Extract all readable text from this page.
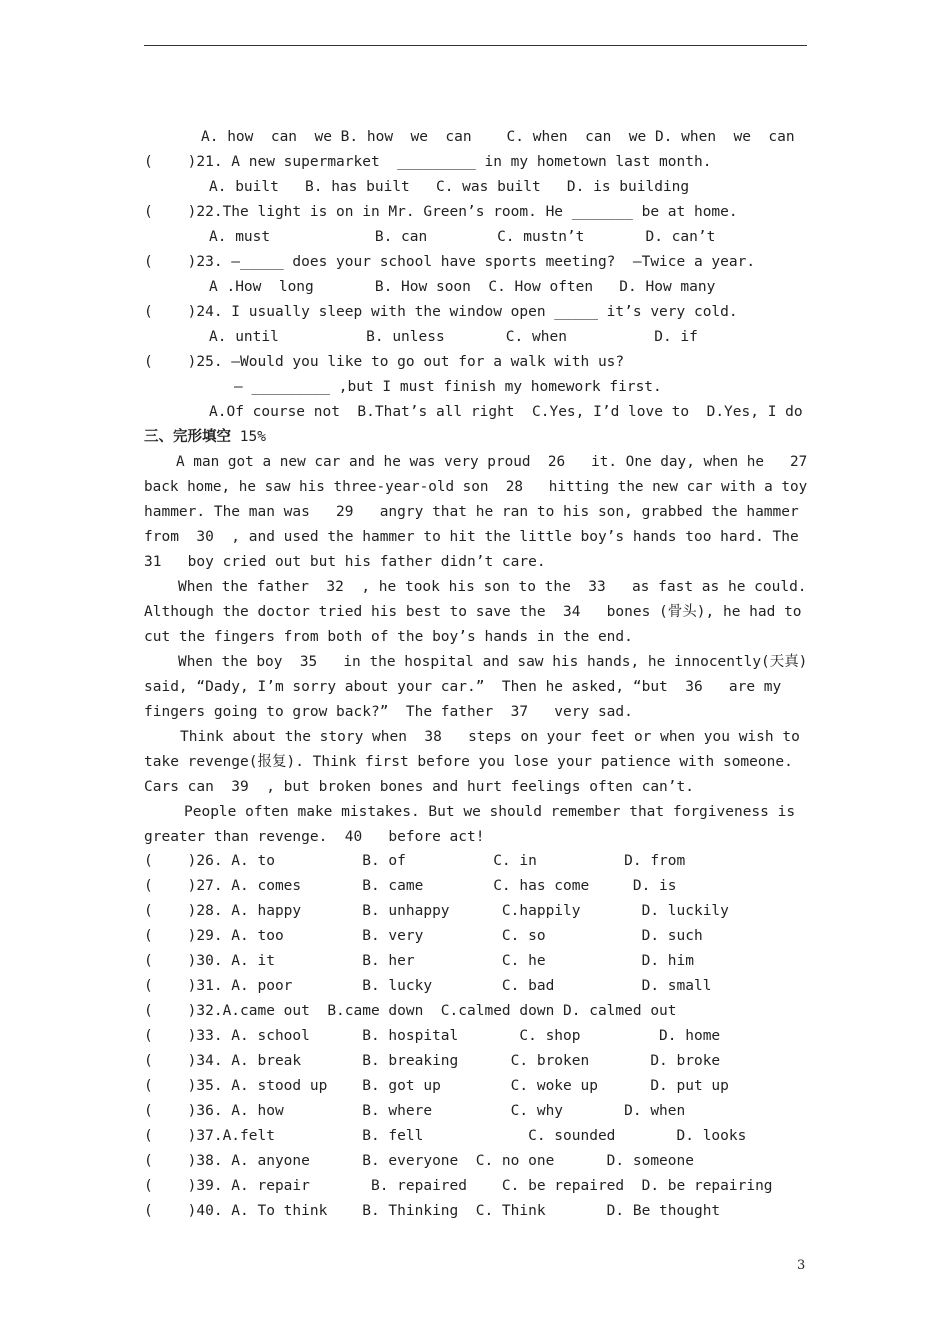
A. how  can  we B. how  we  can    C. when  can  we D. when  we  can
(    )21. A new supermarket  _________ in my hometown last month.
A. built   B. has built   C. was built   D. is building
(    )22.The light is on in Mr. Green’s room. He _______ be at home.
A. must            B. can        C. mustn’t       D. can’t
(    )23. —_____ does your school have sports meeting?  —Twice a year.
A .How  long       B. How soon  C. How often   D. How many
(    )24. I usually sleep with the window open _____ it’s very cold.
A. until          B. unless       C. when          D. if
(    )25. —Would you like to go out for a walk with us?
— _________ ,but I must finish my homework first.
A.Of course not  B.That’s all right  C.Yes, I’d love to  D.Yes, I do
A man got a new car and he was very proud  26   it. One day, when he   27
back home, he saw his three-year-old son  28   hitting the new car with a toy
hammer. The man was   29   angry that he ran to his son, grabbed the hammer
from  30  , and used the hammer to hit the little boy’s hands too hard. The
31   boy cried out but his father didn’t care.
When the father  32  , he took his son to the  33   as fast as he could.
Although the doctor tried his best to save the  34   bones (骨头), he had to
cut the fingers from both of the boy’s hands in the end.
When the boy  35   in the hospital and saw his hands, he innocently(天真)
said, “Dady, I’m sorry about your car.”  Then he asked, “but  36   are my
fingers going to grow back?”  The father  37   very sad.
Think about the story when  38   steps on your feet or when you wish to
take revenge(报复). Think first before you lose your patience with someone.
Cars can  39  , but broken bones and hurt feelings often can’t.
People often make mistakes. But we should remember that forgiveness is
greater than revenge.  40   before act!
(    )26. A. to          B. of          C. in          D. from
(    )27. A. comes       B. came        C. has come     D. is
(    )28. A. happy       B. unhappy      C.happily       D. luckily
(    )29. A. too         B. very         C. so           D. such
(    )30. A. it          B. her          C. he           D. him
(    )31. A. poor        B. lucky        C. bad          D. small
(    )32.A.came out  B.came down  C.calmed down D. calmed out
(    )33. A. school      B. hospital       C. shop         D. home
(    )34. A. break       B. breaking      C. broken       D. broke
(    )35. A. stood up    B. got up        C. woke up      D. put up
(    )36. A. how         B. where         C. why       D. when
(    )37.A.felt          B. fell            C. sounded       D. looks
(    )38. A. anyone      B. everyone  C. no one      D. someone
(    )39. A. repair       B. repaired    C. be repaired  D. be repairing
(    )40. A. To think    B. Thinking  C. Think       D. Be thought
三、完形填空 15%
3
